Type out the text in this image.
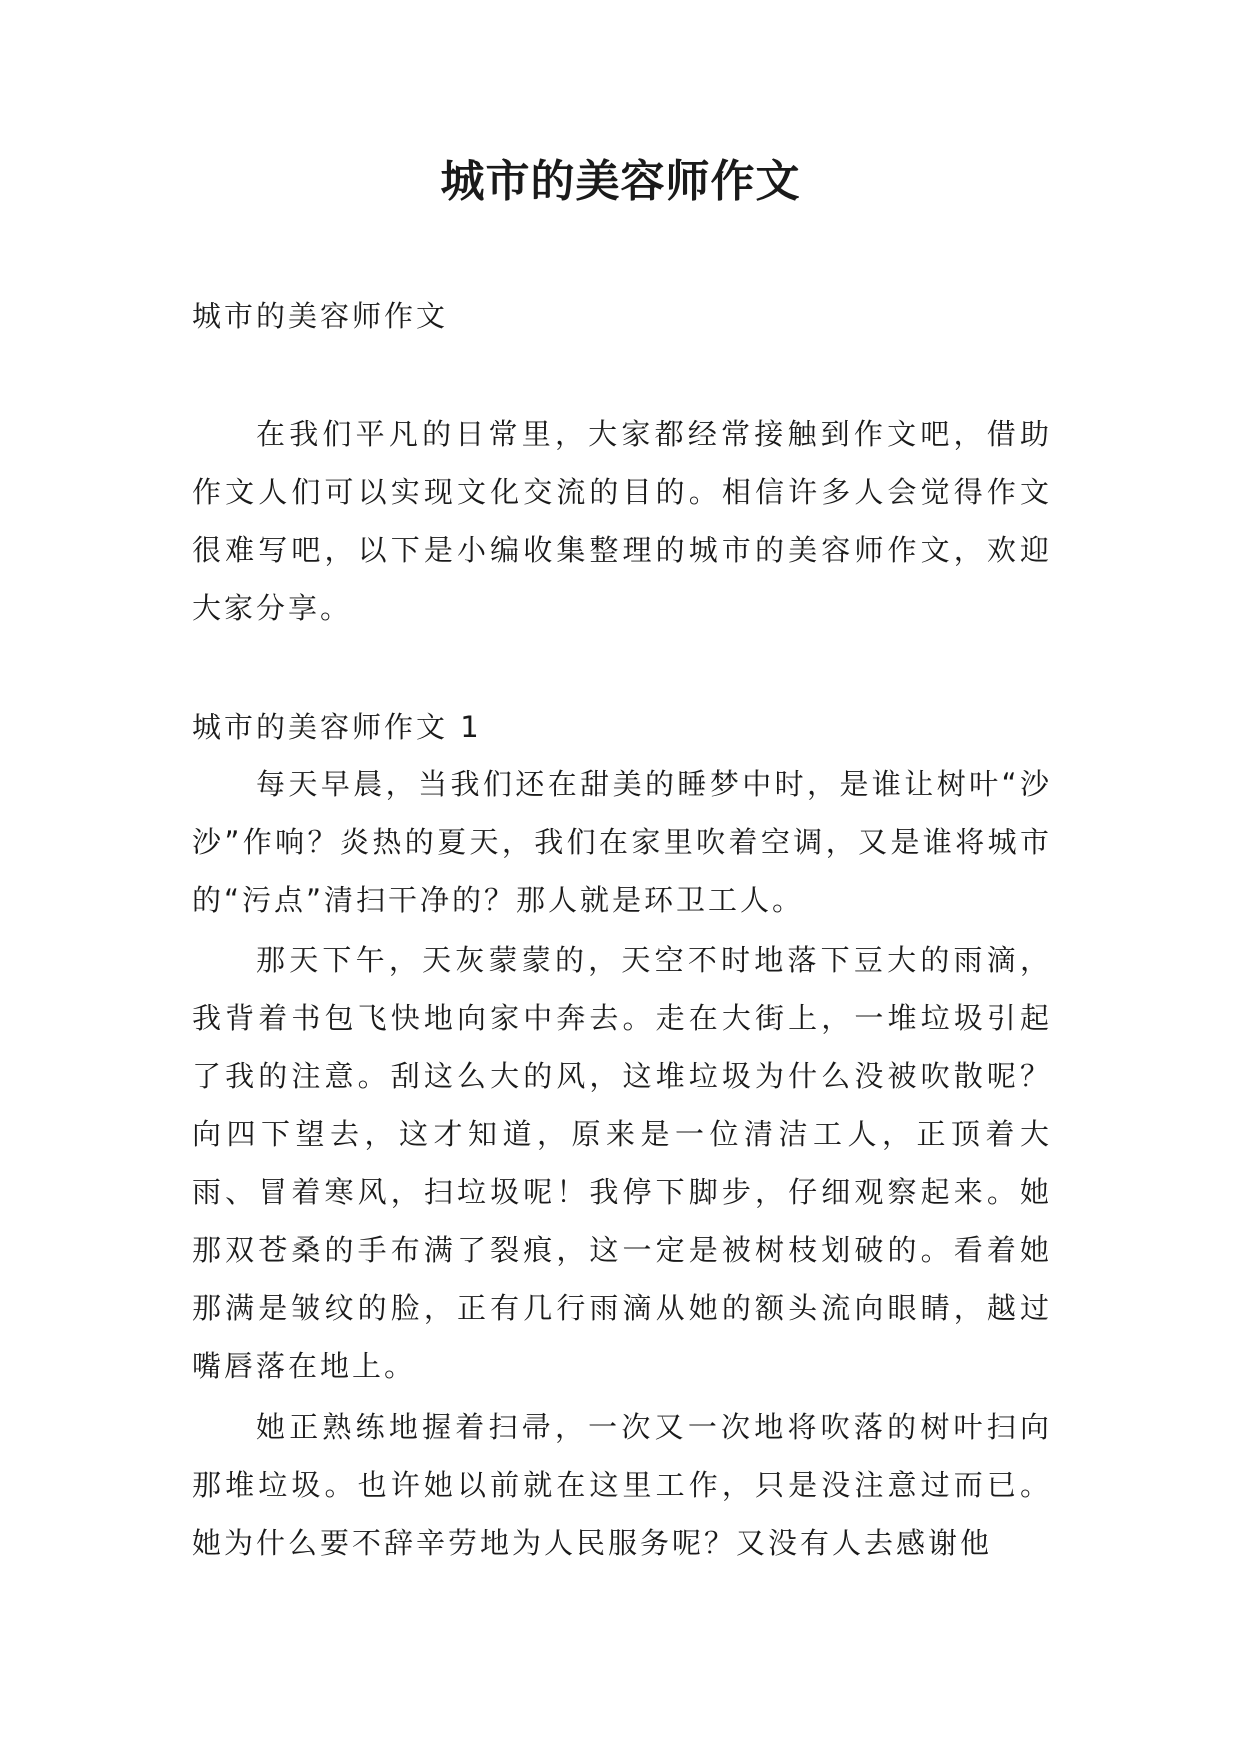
城市的美容师作文

城市的美容师作文

在我们平凡的日常里，大家都经常接触到作文吧，借助作文人们可以实现文化交流的目的。相信许多人会觉得作文很难写吧，以下是小编收集整理的城市的美容师作文，欢迎大家分享。

城市的美容师作文 1

每天早晨，当我们还在甜美的睡梦中时，是谁让树叶“沙沙”作响？炎热的夏天，我们在家里吹着空调，又是谁将城市的“污点”清扫干净的？那人就是环卫工人。

那天下午，天灰蒙蒙的，天空不时地落下豆大的雨滴，我背着书包飞快地向家中奔去。走在大街上，一堆垃圾引起了我的注意。刮这么大的风，这堆垃圾为什么没被吹散呢？向四下望去，这才知道，原来是一位清洁工人，正顶着大雨、冒着寒风，扫垃圾呢！我停下脚步，仔细观察起来。她那双苍桑的手布满了裂痕，这一定是被树枝划破的。看着她那满是皱纹的脸，正有几行雨滴从她的额头流向眼睛，越过嘴唇落在地上。

她正熟练地握着扫帚，一次又一次地将吹落的树叶扫向那堆垃圾。也许她以前就在这里工作，只是没注意过而已。她为什么要不辞辛劳地为人民服务呢？又没有人去感谢他
